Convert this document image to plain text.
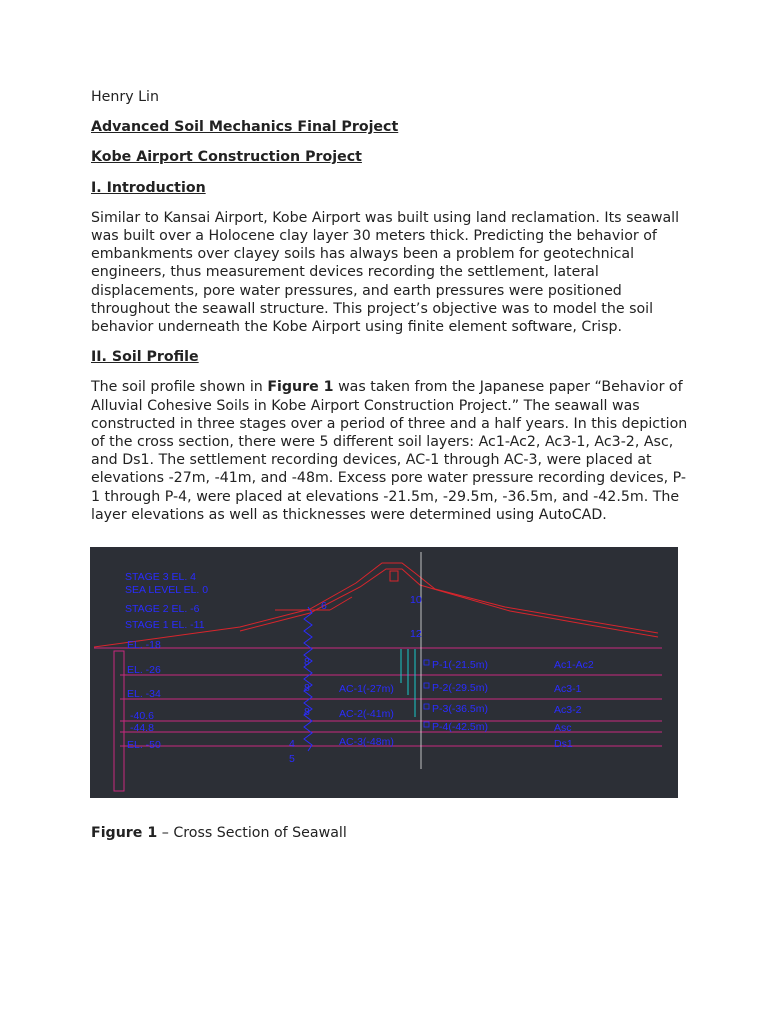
Henry Lin

Advanced Soil Mechanics Final Project

Kobe Airport Construction Project

I. Introduction

Similar to Kansai Airport, Kobe Airport was built using land reclamation. Its seawall
was built over a Holocene clay layer 30 meters thick. Predicting the behavior of
embankments over clayey soils has always been a problem for geotechnical
engineers, thus measurement devices recording the settlement, lateral
displacements, pore water pressures, and earth pressures were positioned
throughout the seawall structure. This project’s objective was to model the soil
behavior underneath the Kobe Airport using finite element software, Crisp.

II. Soil Profile

The soil profile shown in Figure 1 was taken from the Japanese paper “Behavior of
Alluvial Cohesive Soils in Kobe Airport Construction Project.” The seawall was
constructed in three stages over a period of three and a half years. In this depiction
of the cross section, there were 5 different soil layers: Ac1-Ac2, Ac3-1, Ac3-2, Asc,
and Ds1. The settlement recording devices, AC-1 through AC-3, were placed at
elevations -27m, -41m, and -48m. Excess pore water pressure recording devices, P-
1 through P-4, were placed at elevations -21.5m, -29.5m, -36.5m, and -42.5m. The
layer elevations as well as thicknesses were determined using AutoCAD.

STAGE 3 EL. 4
SEA LEVEL EL. 0
STAGE 2 EL. -6
STAGE 1 EL. -11
EL. -18
EL. -26
EL. -34
-40.6
-44.8
EL. -50
AC-1(-27m)
AC-2(-41m)
AC-3(-48m)
P-1(-21.5m)
P-2(-29.5m)
P-3(-36.5m)
P-4(-42.5m)
Ac1-Ac2
Ac3-1
Ac3-2
Asc
Ds1
6	10
12
8
8
8
4
5
Figure 1 – Cross Section of Seawall
